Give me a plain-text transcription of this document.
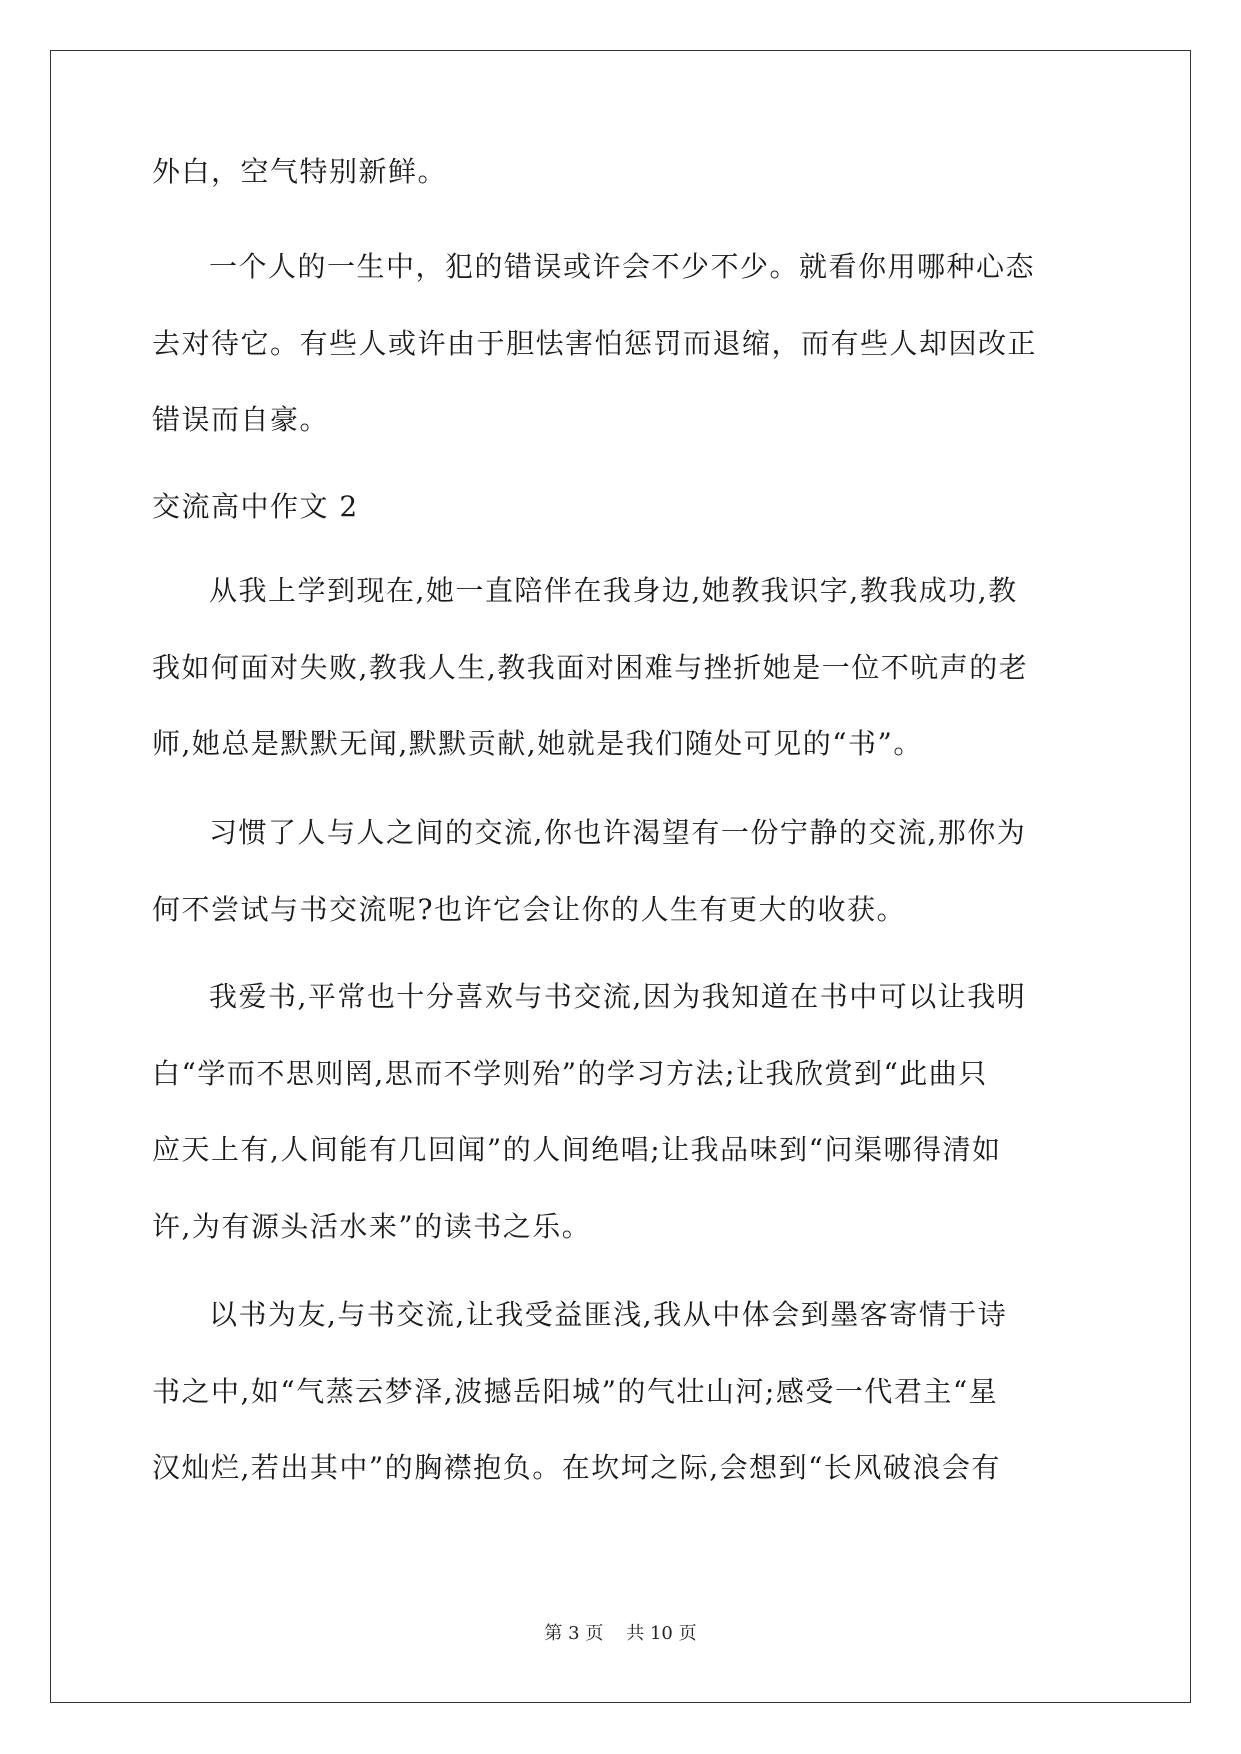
外白，空气特别新鲜。
一个人的一生中，犯的错误或许会不少不少。就看你用哪种心态
去对待它。有些人或许由于胆怯害怕惩罚而退缩，而有些人却因改正
错误而自豪。
交流高中作文 2
从我上学到现在,她一直陪伴在我身边,她教我识字,教我成功,教
我如何面对失败,教我人生,教我面对困难与挫折她是一位不吭声的老
师,她总是默默无闻,默默贡献,她就是我们随处可见的“书”。
习惯了人与人之间的交流,你也许渴望有一份宁静的交流,那你为
何不尝试与书交流呢?也许它会让你的人生有更大的收获。
我爱书,平常也十分喜欢与书交流,因为我知道在书中可以让我明
白“学而不思则罔,思而不学则殆”的学习方法;让我欣赏到“此曲只
应天上有,人间能有几回闻”的人间绝唱;让我品味到“问渠哪得清如
许,为有源头活水来”的读书之乐。
以书为友,与书交流,让我受益匪浅,我从中体会到墨客寄情于诗
书之中,如“气蒸云梦泽,波撼岳阳城”的气壮山河;感受一代君主“星
汉灿烂,若出其中”的胸襟抱负。在坎坷之际,会想到“长风破浪会有
第 3 页 共 10 页
